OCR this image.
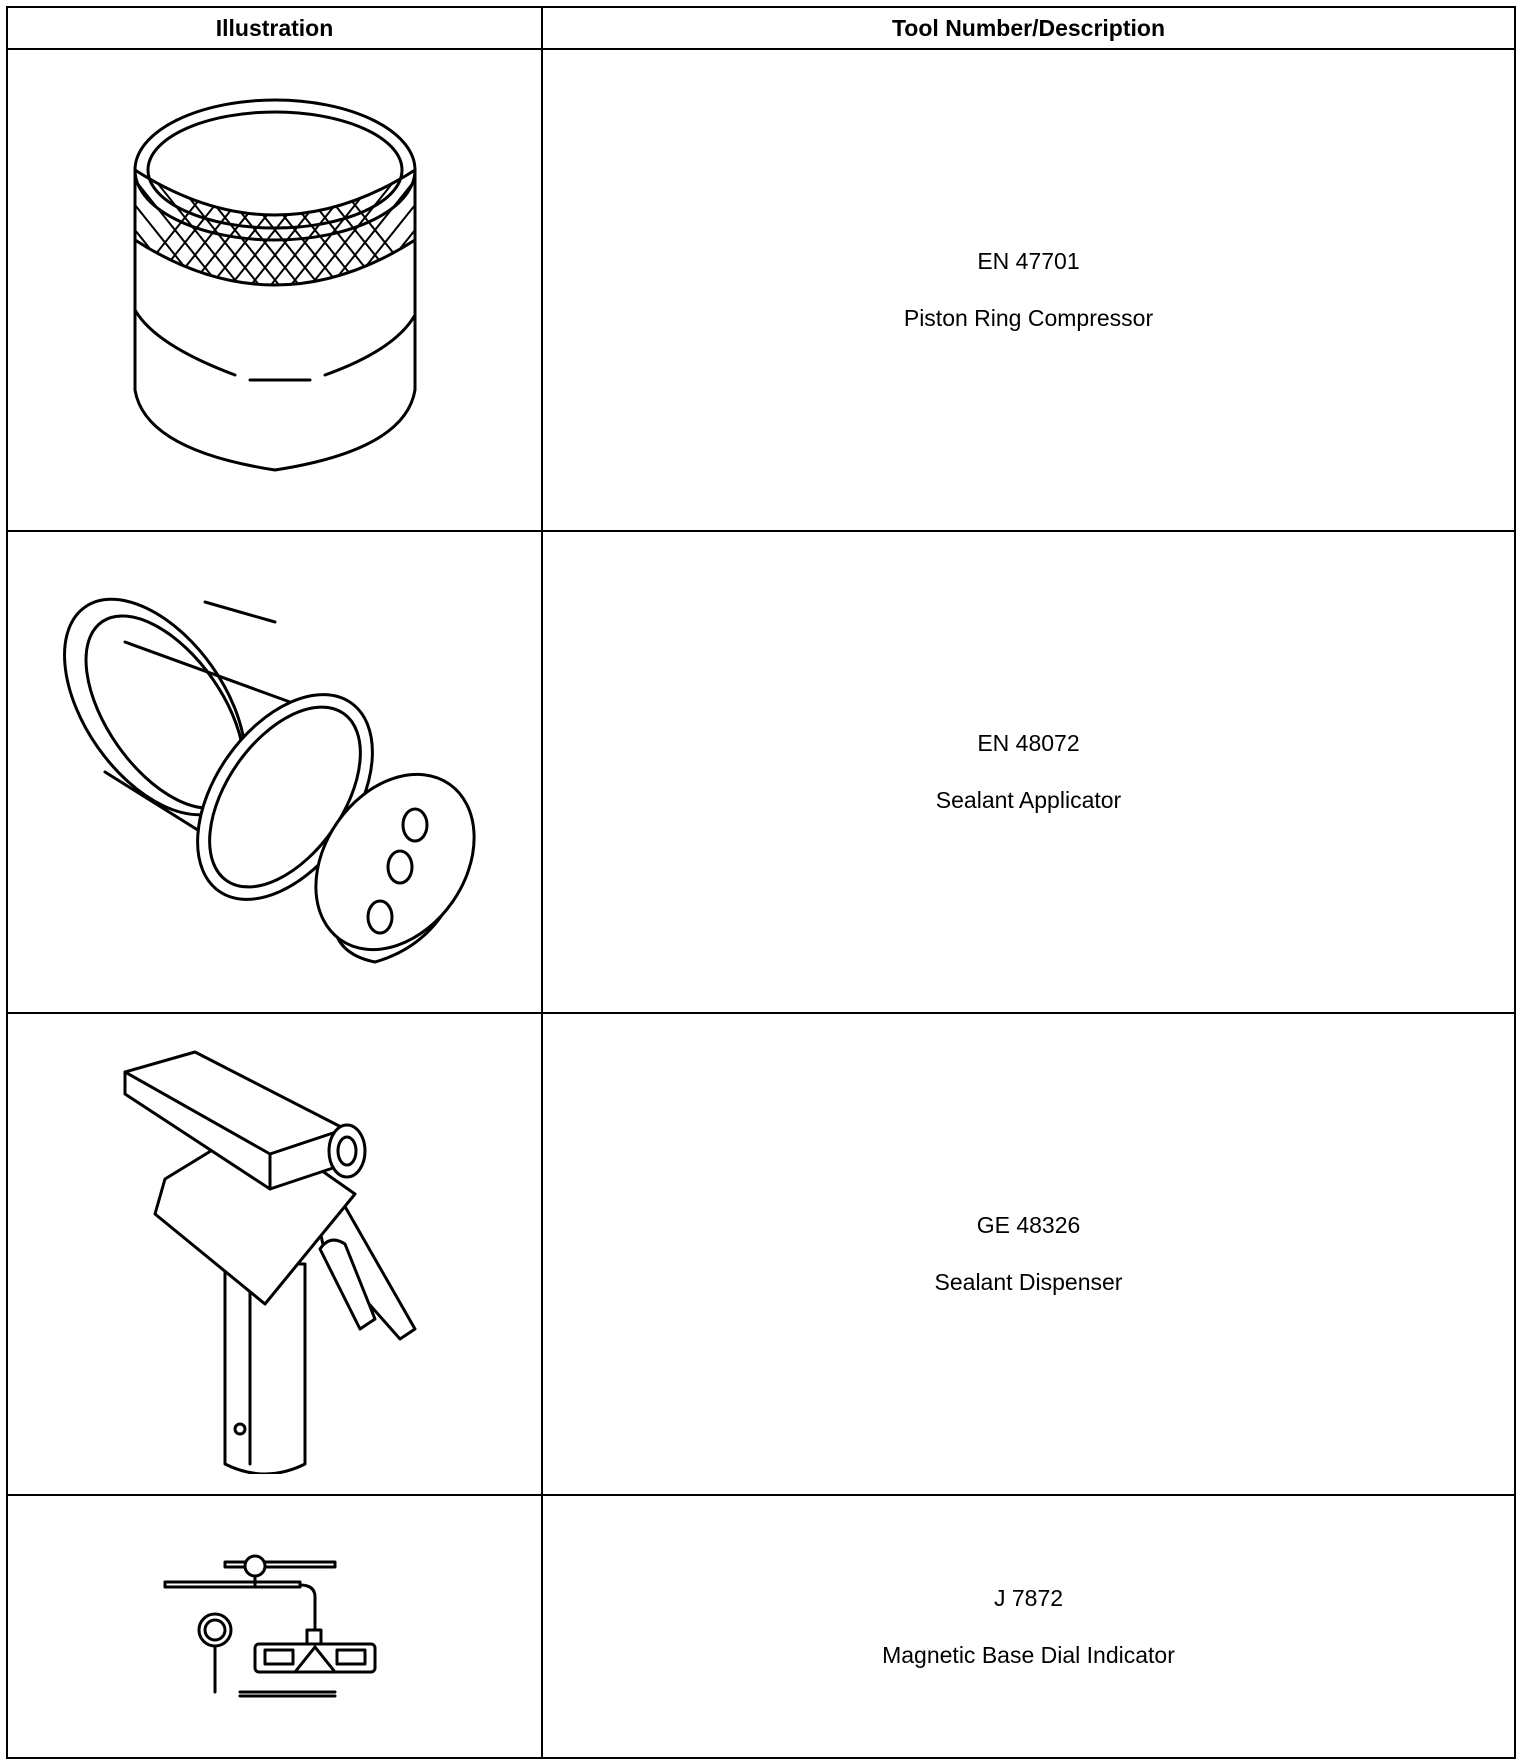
Illustration	Tool Number/Description

EN 47701
Piston Ring Compressor

EN 48072
Sealant Applicator

GE 48326
Sealant Dispenser

J 7872
Magnetic Base Dial Indicator
